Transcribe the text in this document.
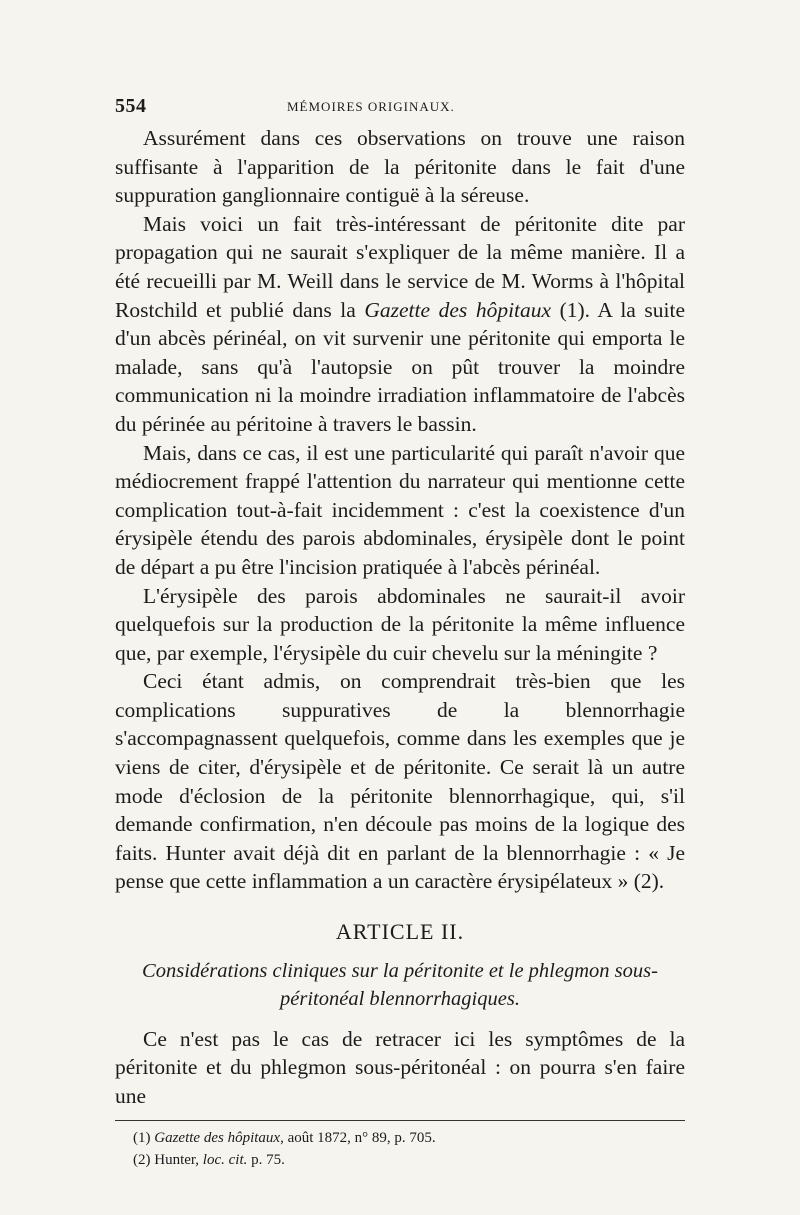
554	MÉMOIRES ORIGINAUX.

Assurément dans ces observations on trouve une raison suffisante à l'apparition de la péritonite dans le fait d'une suppuration ganglionnaire contiguë à la séreuse.

Mais voici un fait très-intéressant de péritonite dite par propagation qui ne saurait s'expliquer de la même manière. Il a été recueilli par M. Weill dans le service de M. Worms à l'hôpital Rostchild et publié dans la Gazette des hôpitaux (1). A la suite d'un abcès périnéal, on vit survenir une péritonite qui emporta le malade, sans qu'à l'autopsie on pût trouver la moindre communication ni la moindre irradiation inflammatoire de l'abcès du périnée au péritoine à travers le bassin.

Mais, dans ce cas, il est une particularité qui paraît n'avoir que médiocrement frappé l'attention du narrateur qui mentionne cette complication tout-à-fait incidemment : c'est la coexistence d'un érysipèle étendu des parois abdominales, érysipèle dont le point de départ a pu être l'incision pratiquée à l'abcès périnéal.

L'érysipèle des parois abdominales ne saurait-il avoir quelquefois sur la production de la péritonite la même influence que, par exemple, l'érysipèle du cuir chevelu sur la méningite ?

Ceci étant admis, on comprendrait très-bien que les complications suppuratives de la blennorrhagie s'accompagnassent quelquefois, comme dans les exemples que je viens de citer, d'érysipèle et de péritonite. Ce serait là un autre mode d'éclosion de la péritonite blennorrhagique, qui, s'il demande confirmation, n'en découle pas moins de la logique des faits. Hunter avait déjà dit en parlant de la blennorrhagie : « Je pense que cette inflammation a un caractère érysipélateux » (2).

ARTICLE II.
Considérations cliniques sur la péritonite et le phlegmon sous-
péritonéal blennorrhagiques.

Ce n'est pas le cas de retracer ici les symptômes de la péritonite et du phlegmon sous-péritonéal : on pourra s'en faire une

(1) Gazette des hôpitaux, août 1872, n° 89, p. 705.
(2) Hunter, loc. cit. p. 75.
